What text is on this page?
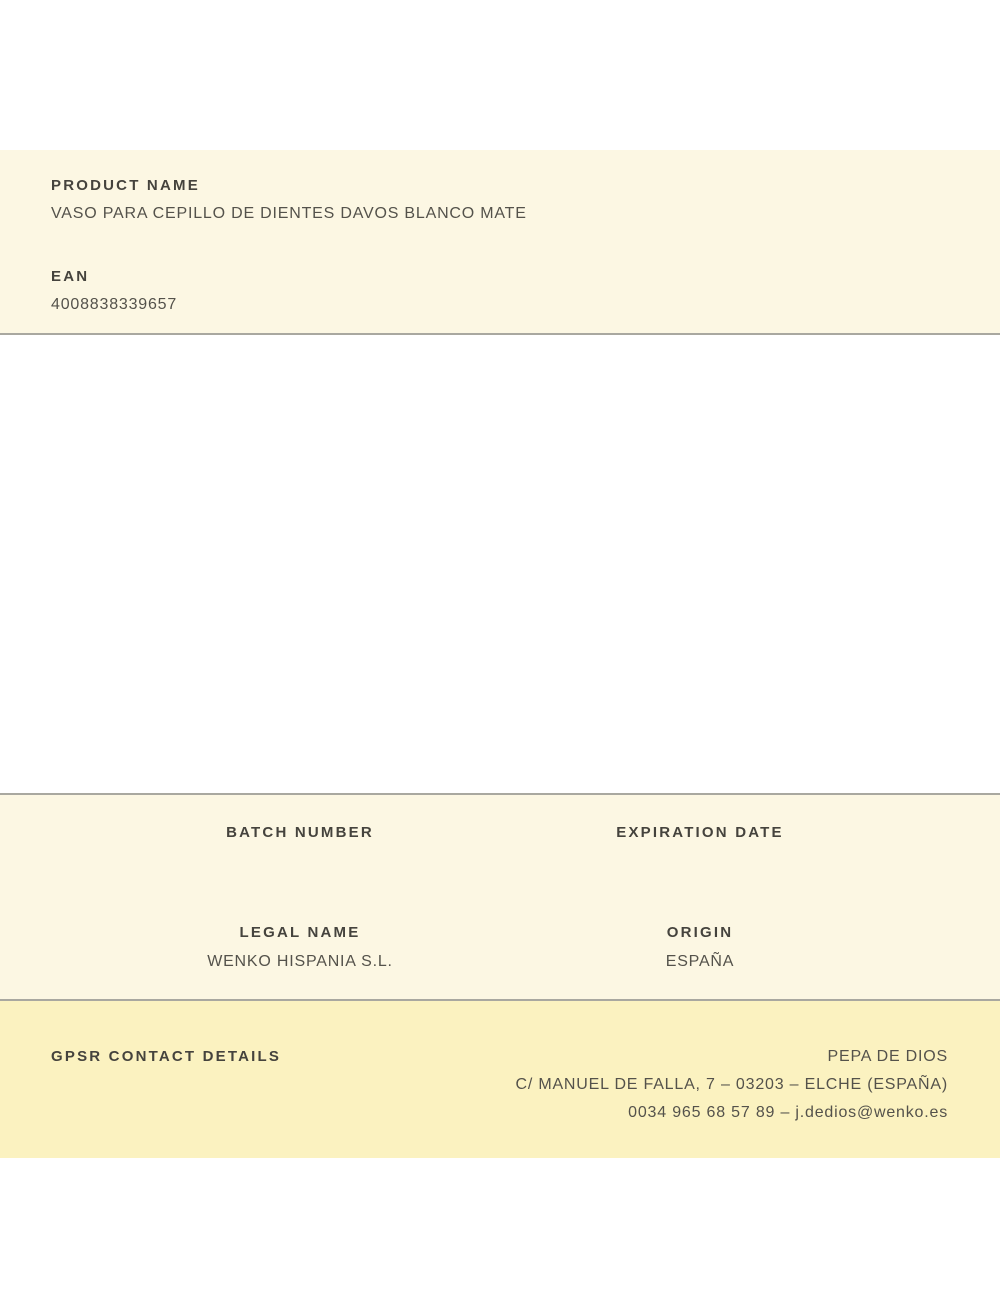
PRODUCT NAME
VASO PARA CEPILLO DE DIENTES DAVOS BLANCO MATE
EAN
4008838339657
BATCH NUMBER	EXPIRATION DATE
LEGAL NAME
WENKO HISPANIA S.L.
ORIGIN
ESPAÑA
GPSR CONTACT DETAILS	PEPA DE DIOS
C/ MANUEL DE FALLA, 7 – 03203 – ELCHE (ESPAÑA)
0034 965 68 57 89 – j.dedios@wenko.es
